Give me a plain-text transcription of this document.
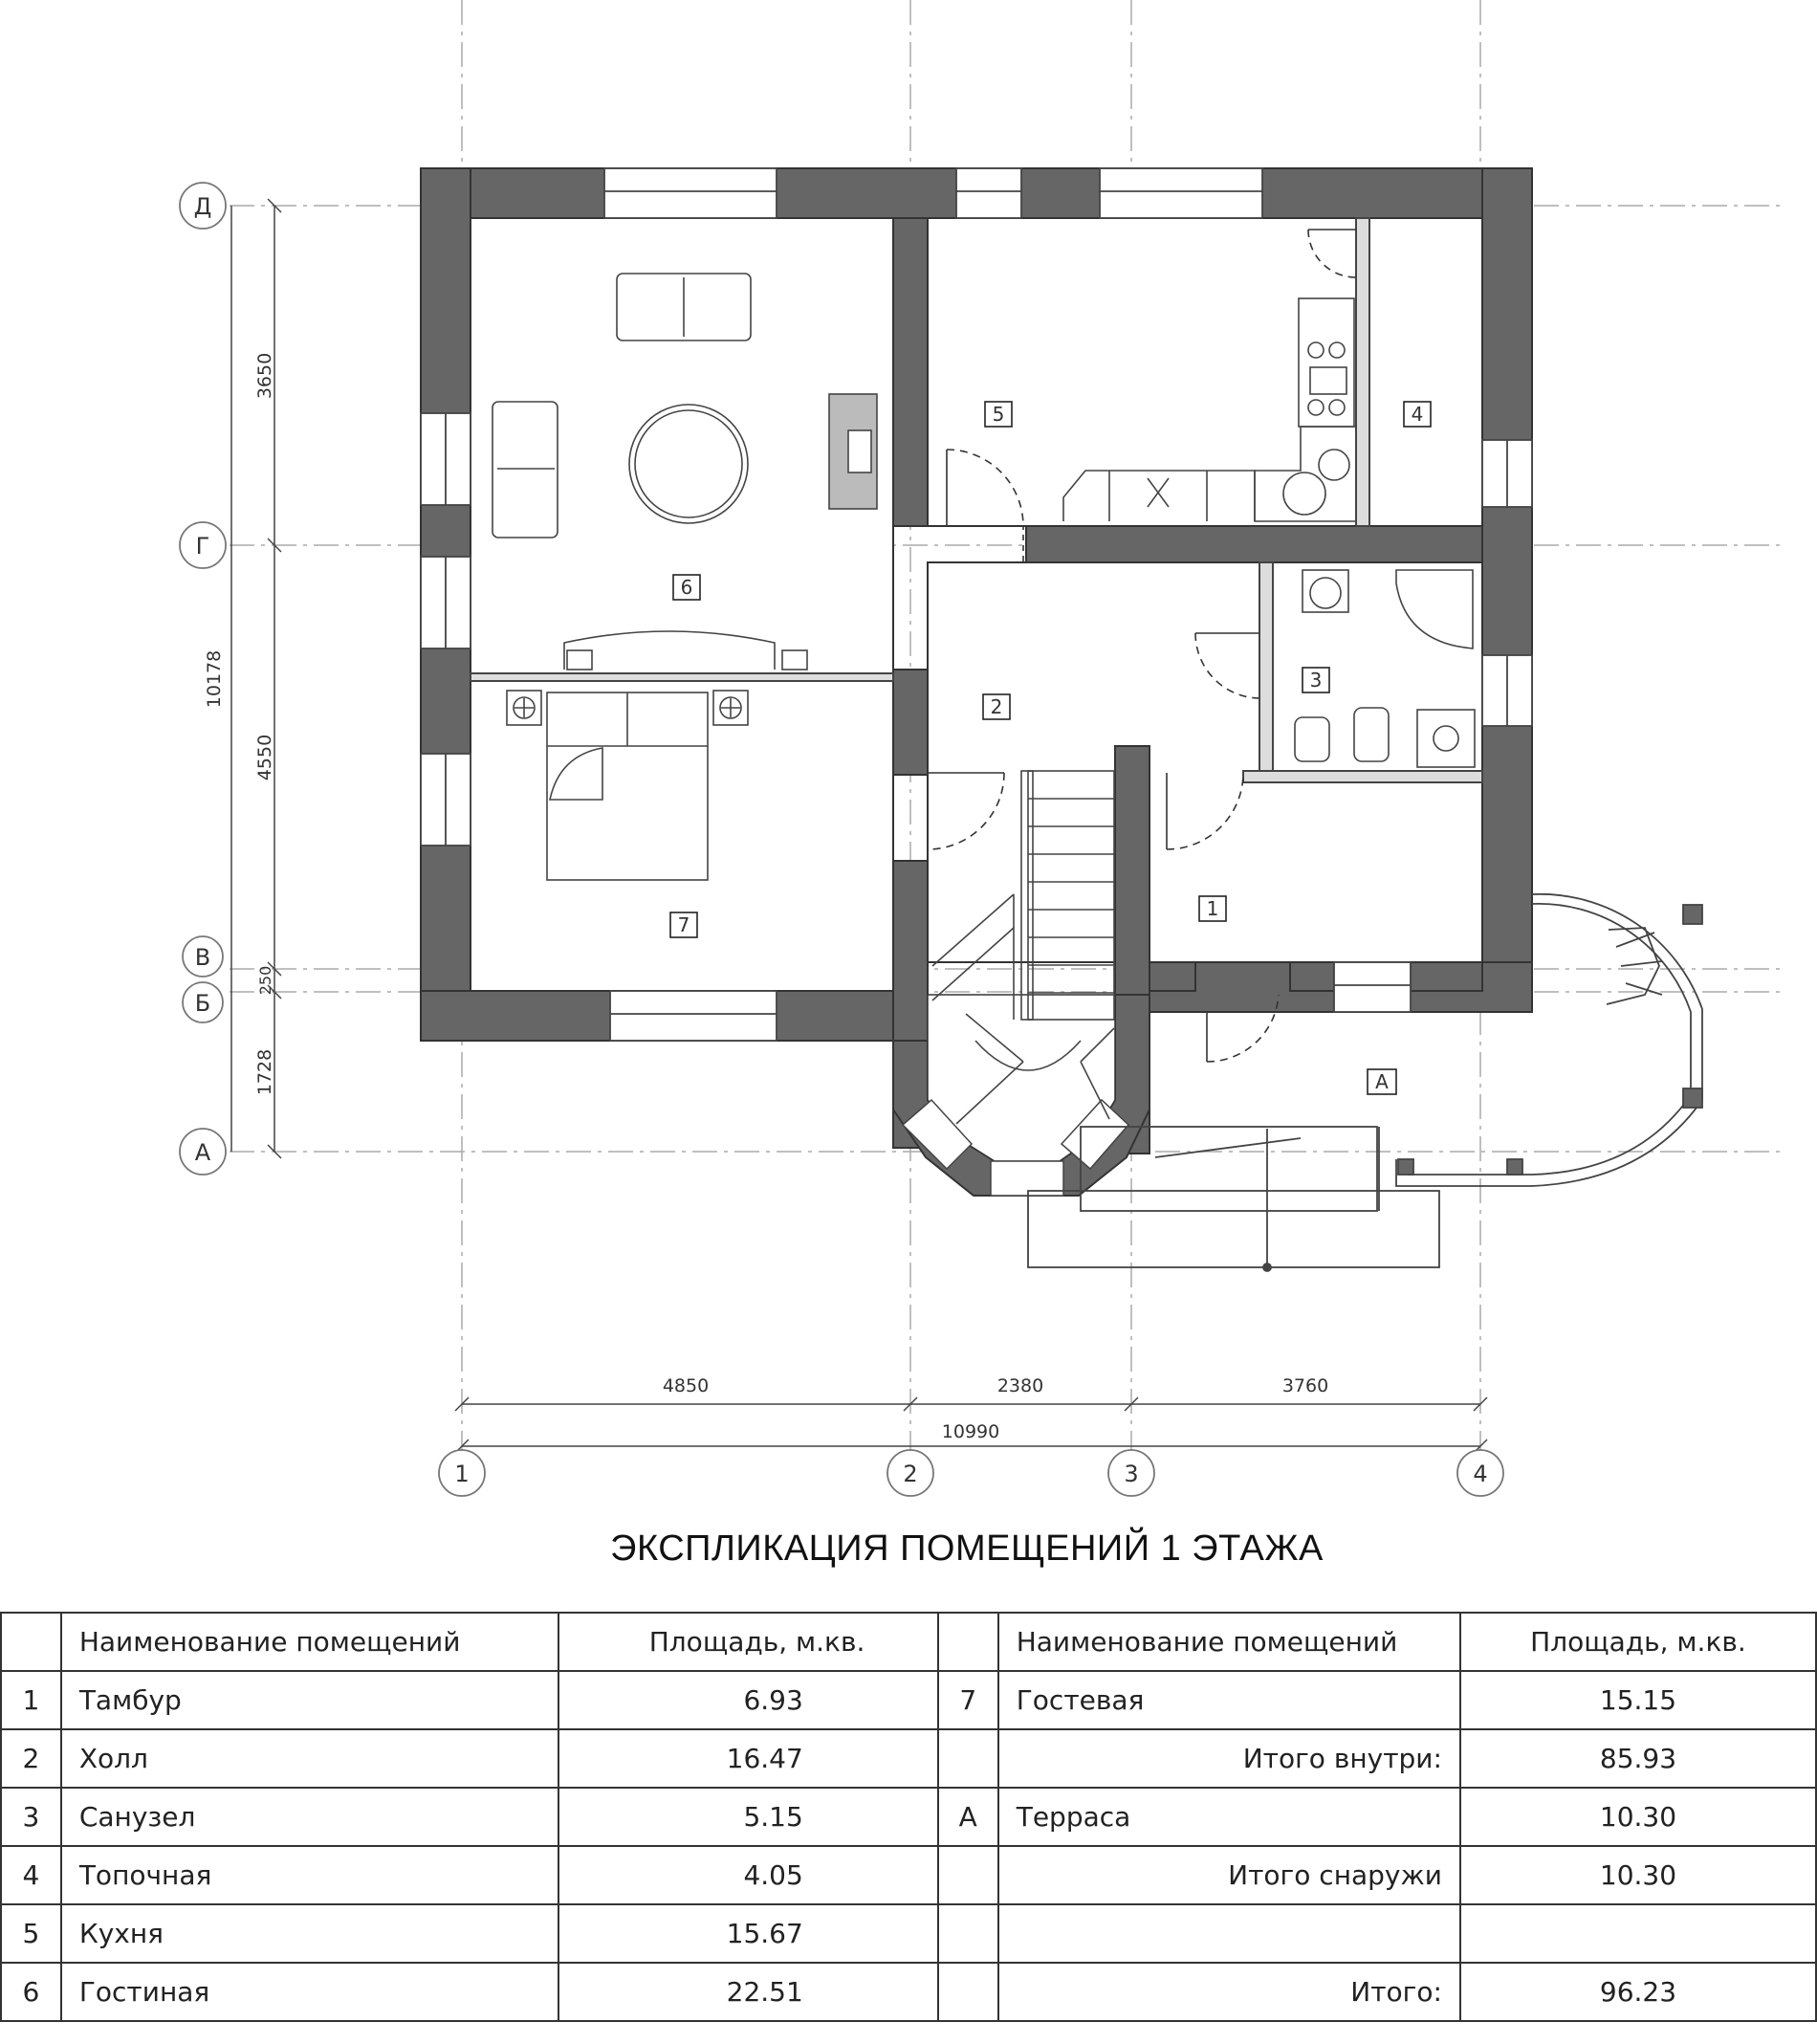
3650
4550
250
1728
10178
4850	2380	3760
10990
Д
Г
В
Б
А
1	2	3	4
1
2
3
4
5
6
7
А
ЭКСПЛИКАЦИЯ ПОМЕЩЕНИЙ 1 ЭТАЖА
	Наименование помещений	Площадь, м.кв.		Наименование помещений	Площадь, м.кв.
1	Тамбур	6.93	7	Гостевая	15.15
2	Холл	16.47		Итого внутри:	85.93
3	Санузел	5.15	А	Терраса	10.30
4	Топочная	4.05		Итого снаружи	10.30
5	Кухня	15.67			
6	Гостиная	22.51		Итого:	96.23
